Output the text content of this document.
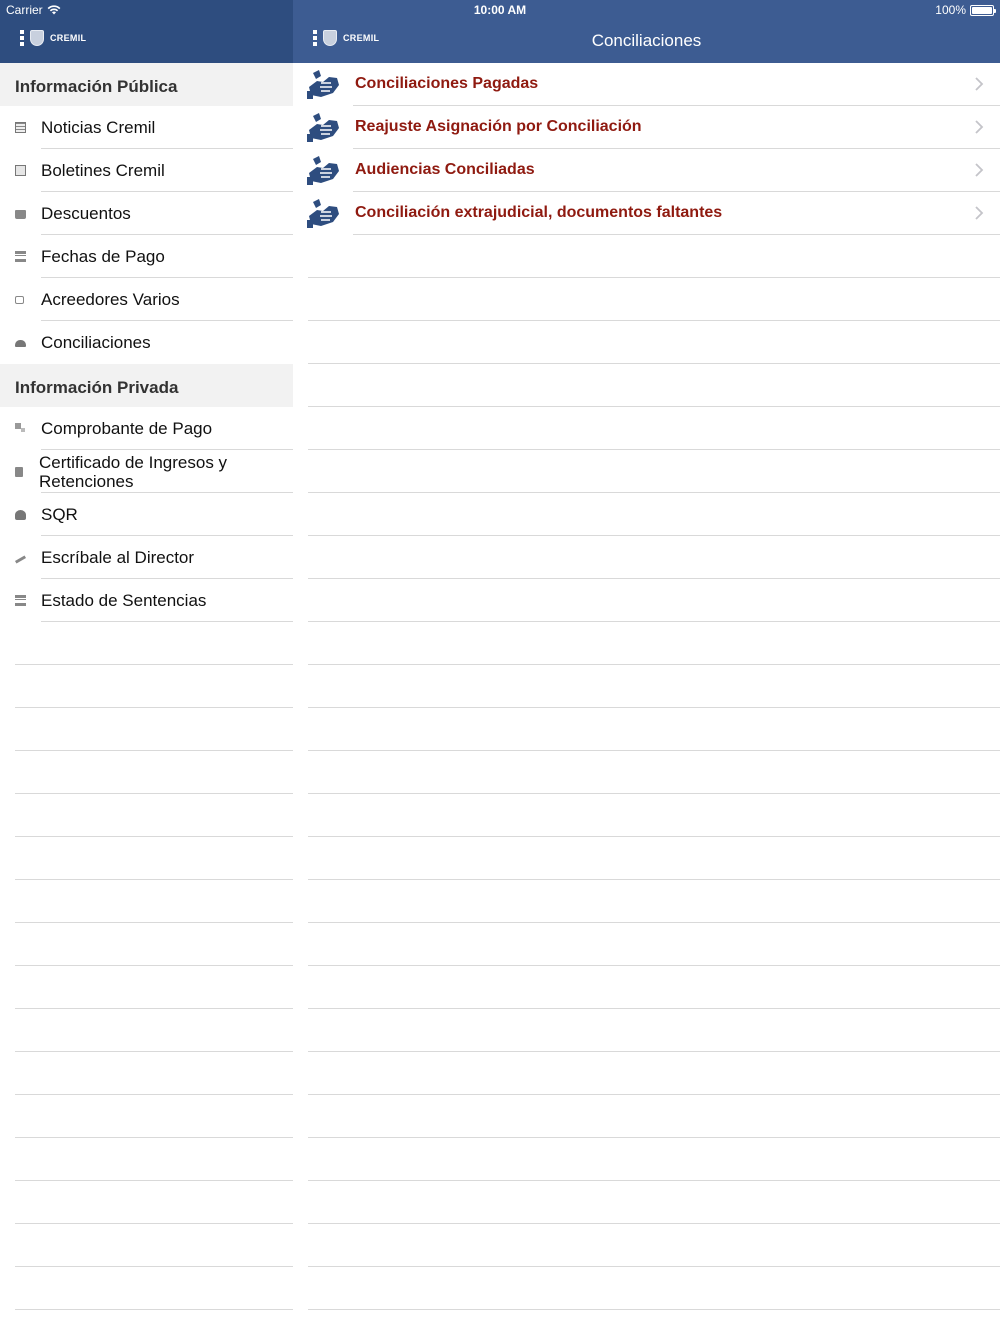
Carrier	10:00 AM	100%
CREMIL
Información Pública
Noticias Cremil
Boletines Cremil
Descuentos
Fechas de Pago
Acreedores Varios
Conciliaciones
Información Privada
Comprobante de Pago
Certificado de Ingresos y Retenciones
SQR
Escríbale al Director
Estado de Sentencias
CREMIL	Conciliaciones
Conciliaciones Pagadas
Reajuste Asignación por Conciliación
Audiencias Conciliadas
Conciliación extrajudicial, documentos faltantes
